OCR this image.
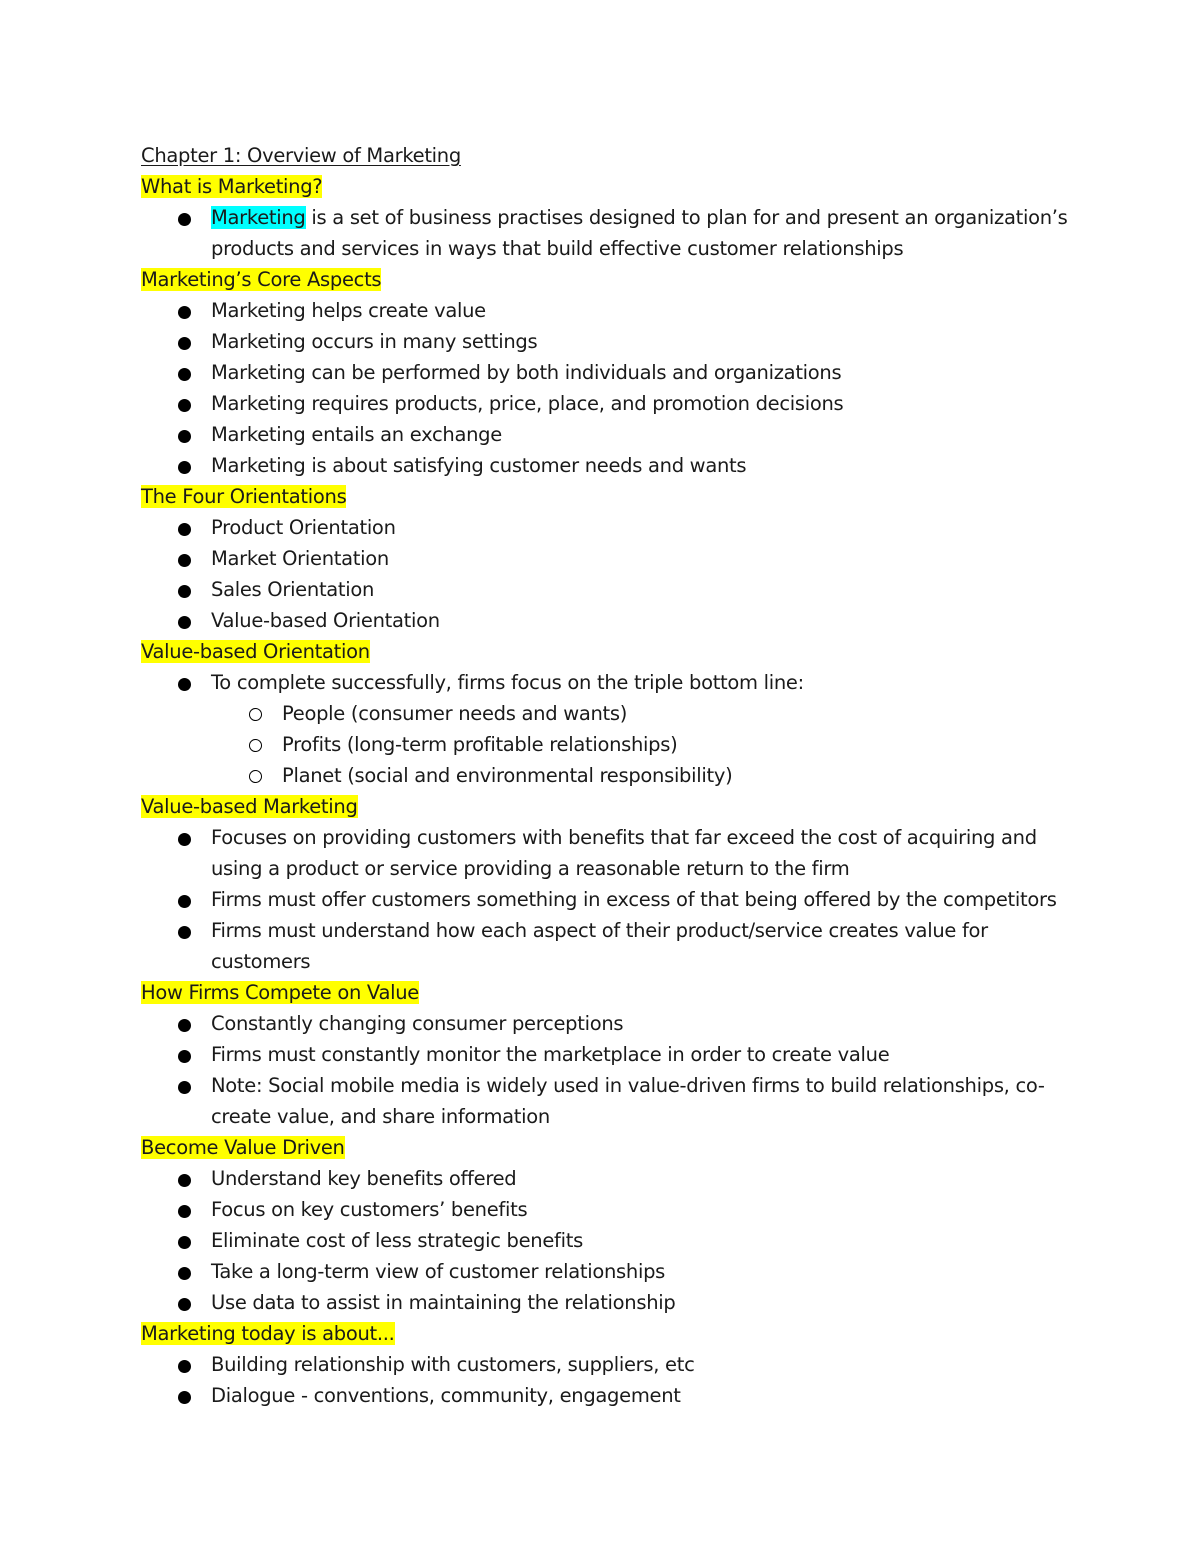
Chapter 1: Overview of Marketing
What is Marketing?
Marketing is a set of business practises designed to plan for and present an organization’s products and services in ways that build effective customer relationships
Marketing’s Core Aspects
Marketing helps create value
Marketing occurs in many settings
Marketing can be performed by both individuals and organizations
Marketing requires products, price, place, and promotion decisions
Marketing entails an exchange
Marketing is about satisfying customer needs and wants
The Four Orientations
Product Orientation
Market Orientation
Sales Orientation
Value-based Orientation
Value-based Orientation
To complete successfully, firms focus on the triple bottom line:
People (consumer needs and wants)
Profits (long-term profitable relationships)
Planet (social and environmental responsibility)
Value-based Marketing
Focuses on providing customers with benefits that far exceed the cost of acquiring and using a product or service providing a reasonable return to the firm
Firms must offer customers something in excess of that being offered by the competitors
Firms must understand how each aspect of their product/service creates value for customers
How Firms Compete on Value
Constantly changing consumer perceptions
Firms must constantly monitor the marketplace in order to create value
Note: Social mobile media is widely used in value-driven firms to build relationships, co-create value, and share information
Become Value Driven
Understand key benefits offered
Focus on key customers’ benefits
Eliminate cost of less strategic benefits
Take a long-term view of customer relationships
Use data to assist in maintaining the relationship
Marketing today is about...
Building relationship with customers, suppliers, etc
Dialogue - conventions, community, engagement
